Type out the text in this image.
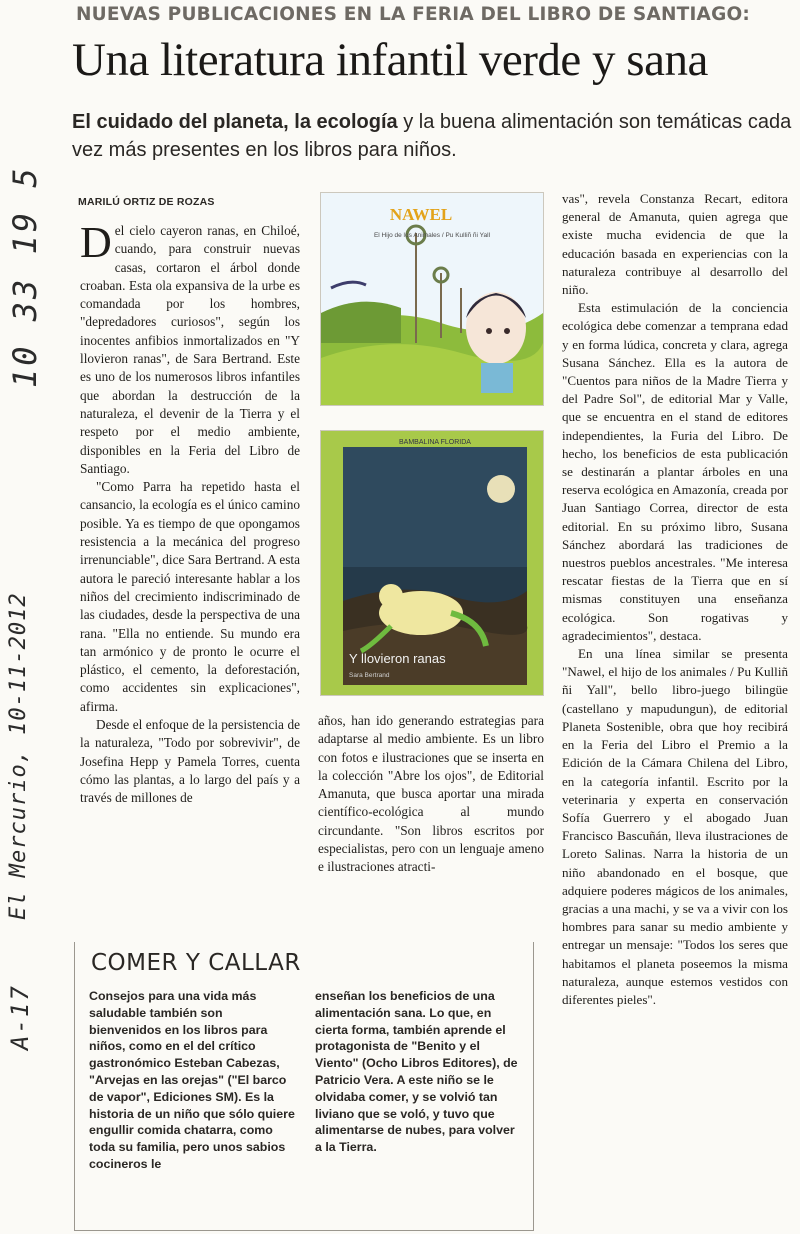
NUEVAS PUBLICACIONES EN LA FERIA DEL LIBRO DE SANTIAGO:
Una literatura infantil verde y sana
El cuidado del planeta, la ecología y la buena alimentación son temáticas cada vez más presentes en los libros para niños.
MARILÚ ORTIZ DE ROZAS
10 33 19 5
El Mercurio, 10-11-2012
A-17

Del cielo cayeron ranas, en Chiloé, cuando, para construir nuevas casas, cortaron el árbol donde croaban. Esta ola expansiva de la urbe es comandada por los hombres, "depredadores curiosos", según los inocentes anfibios inmortalizados en "Y llovieron ranas", de Sara Bertrand. Este es uno de los numerosos libros infantiles que abordan la destrucción de la naturaleza, el devenir de la Tierra y el respeto por el medio ambiente, disponibles en la Feria del Libro de Santiago.

"Como Parra ha repetido hasta el cansancio, la ecología es el único camino posible. Ya es tiempo de que opongamos resistencia a la mecánica del progreso irrenunciable", dice Sara Bertrand. A esta autora le pareció interesante hablar a los niños del crecimiento indiscriminado de las ciudades, desde la perspectiva de una rana. "Ella no entiende. Su mundo era tan armónico y de pronto le ocurre el plástico, el cemento, la deforestación, como accidentes sin explicaciones", afirma.

Desde el enfoque de la persistencia de la naturaleza, "Todo por sobrevivir", de Josefina Hepp y Pamela Torres, cuenta cómo las plantas, a lo largo del país y a través de millones de

NAWEL
El Hijo de los Animales / Pu Kulliñ ñi Yall
BAMBALINA FLORIDA
Y llovieron ranas
Sara Bertrand

años, han ido generando estrategias para adaptarse al medio ambiente. Es un libro con fotos e ilustraciones que se inserta en la colección "Abre los ojos", de Editorial Amanuta, que busca aportar una mirada científico-ecológica al mundo circundante. "Son libros escritos por especialistas, pero con un lenguaje ameno e ilustraciones atracti-

vas", revela Constanza Recart, editora general de Amanuta, quien agrega que existe mucha evidencia de que la educación basada en experiencias con la naturaleza contribuye al desarrollo del niño.

Esta estimulación de la conciencia ecológica debe comenzar a temprana edad y en forma lúdica, concreta y clara, agrega Susana Sánchez. Ella es la autora de "Cuentos para niños de la Madre Tierra y del Padre Sol", de editorial Mar y Valle, que se encuentra en el stand de editores independientes, la Furia del Libro. De hecho, los beneficios de esta publicación se destinarán a plantar árboles en una reserva ecológica en Amazonía, creada por Juan Santiago Correa, director de esta editorial. En su próximo libro, Susana Sánchez abordará las tradiciones de nuestros pueblos ancestrales. "Me interesa rescatar fiestas de la Tierra que en sí mismas constituyen una enseñanza ecológica. Son rogativas y agradecimientos", destaca.

En una línea similar se presenta "Nawel, el hijo de los animales / Pu Kulliñ ñi Yall", bello libro-juego bilingüe (castellano y mapudungun), de editorial Planeta Sostenible, obra que hoy recibirá en la Feria del Libro el Premio a la Edición de la Cámara Chilena del Libro, en la categoría infantil. Escrito por la veterinaria y experta en conservación Sofía Guerrero y el abogado Juan Francisco Bascuñán, lleva ilustraciones de Loreto Salinas. Narra la historia de un niño abandonado en el bosque, que adquiere poderes mágicos de los animales, gracias a una machi, y se va a vivir con los hombres para sanar su medio ambiente y entregar un mensaje: "Todos los seres que habitamos el planeta poseemos la misma naturaleza, aunque estemos vestidos con diferentes pieles".

COMER Y CALLAR

Consejos para una vida más saludable también son bienvenidos en los libros para niños, como en el del crítico gastronómico Esteban Cabezas, "Arvejas en las orejas" ("El barco de vapor", Ediciones SM). Es la historia de un niño que sólo quiere engullir comida chatarra, como toda su familia, pero unos sabios cocineros le

enseñan los beneficios de una alimentación sana. Lo que, en cierta forma, también aprende el protagonista de "Benito y el Viento" (Ocho Libros Editores), de Patricio Vera. A este niño se le olvidaba comer, y se volvió tan liviano que se voló, y tuvo que alimentarse de nubes, para volver a la Tierra.
